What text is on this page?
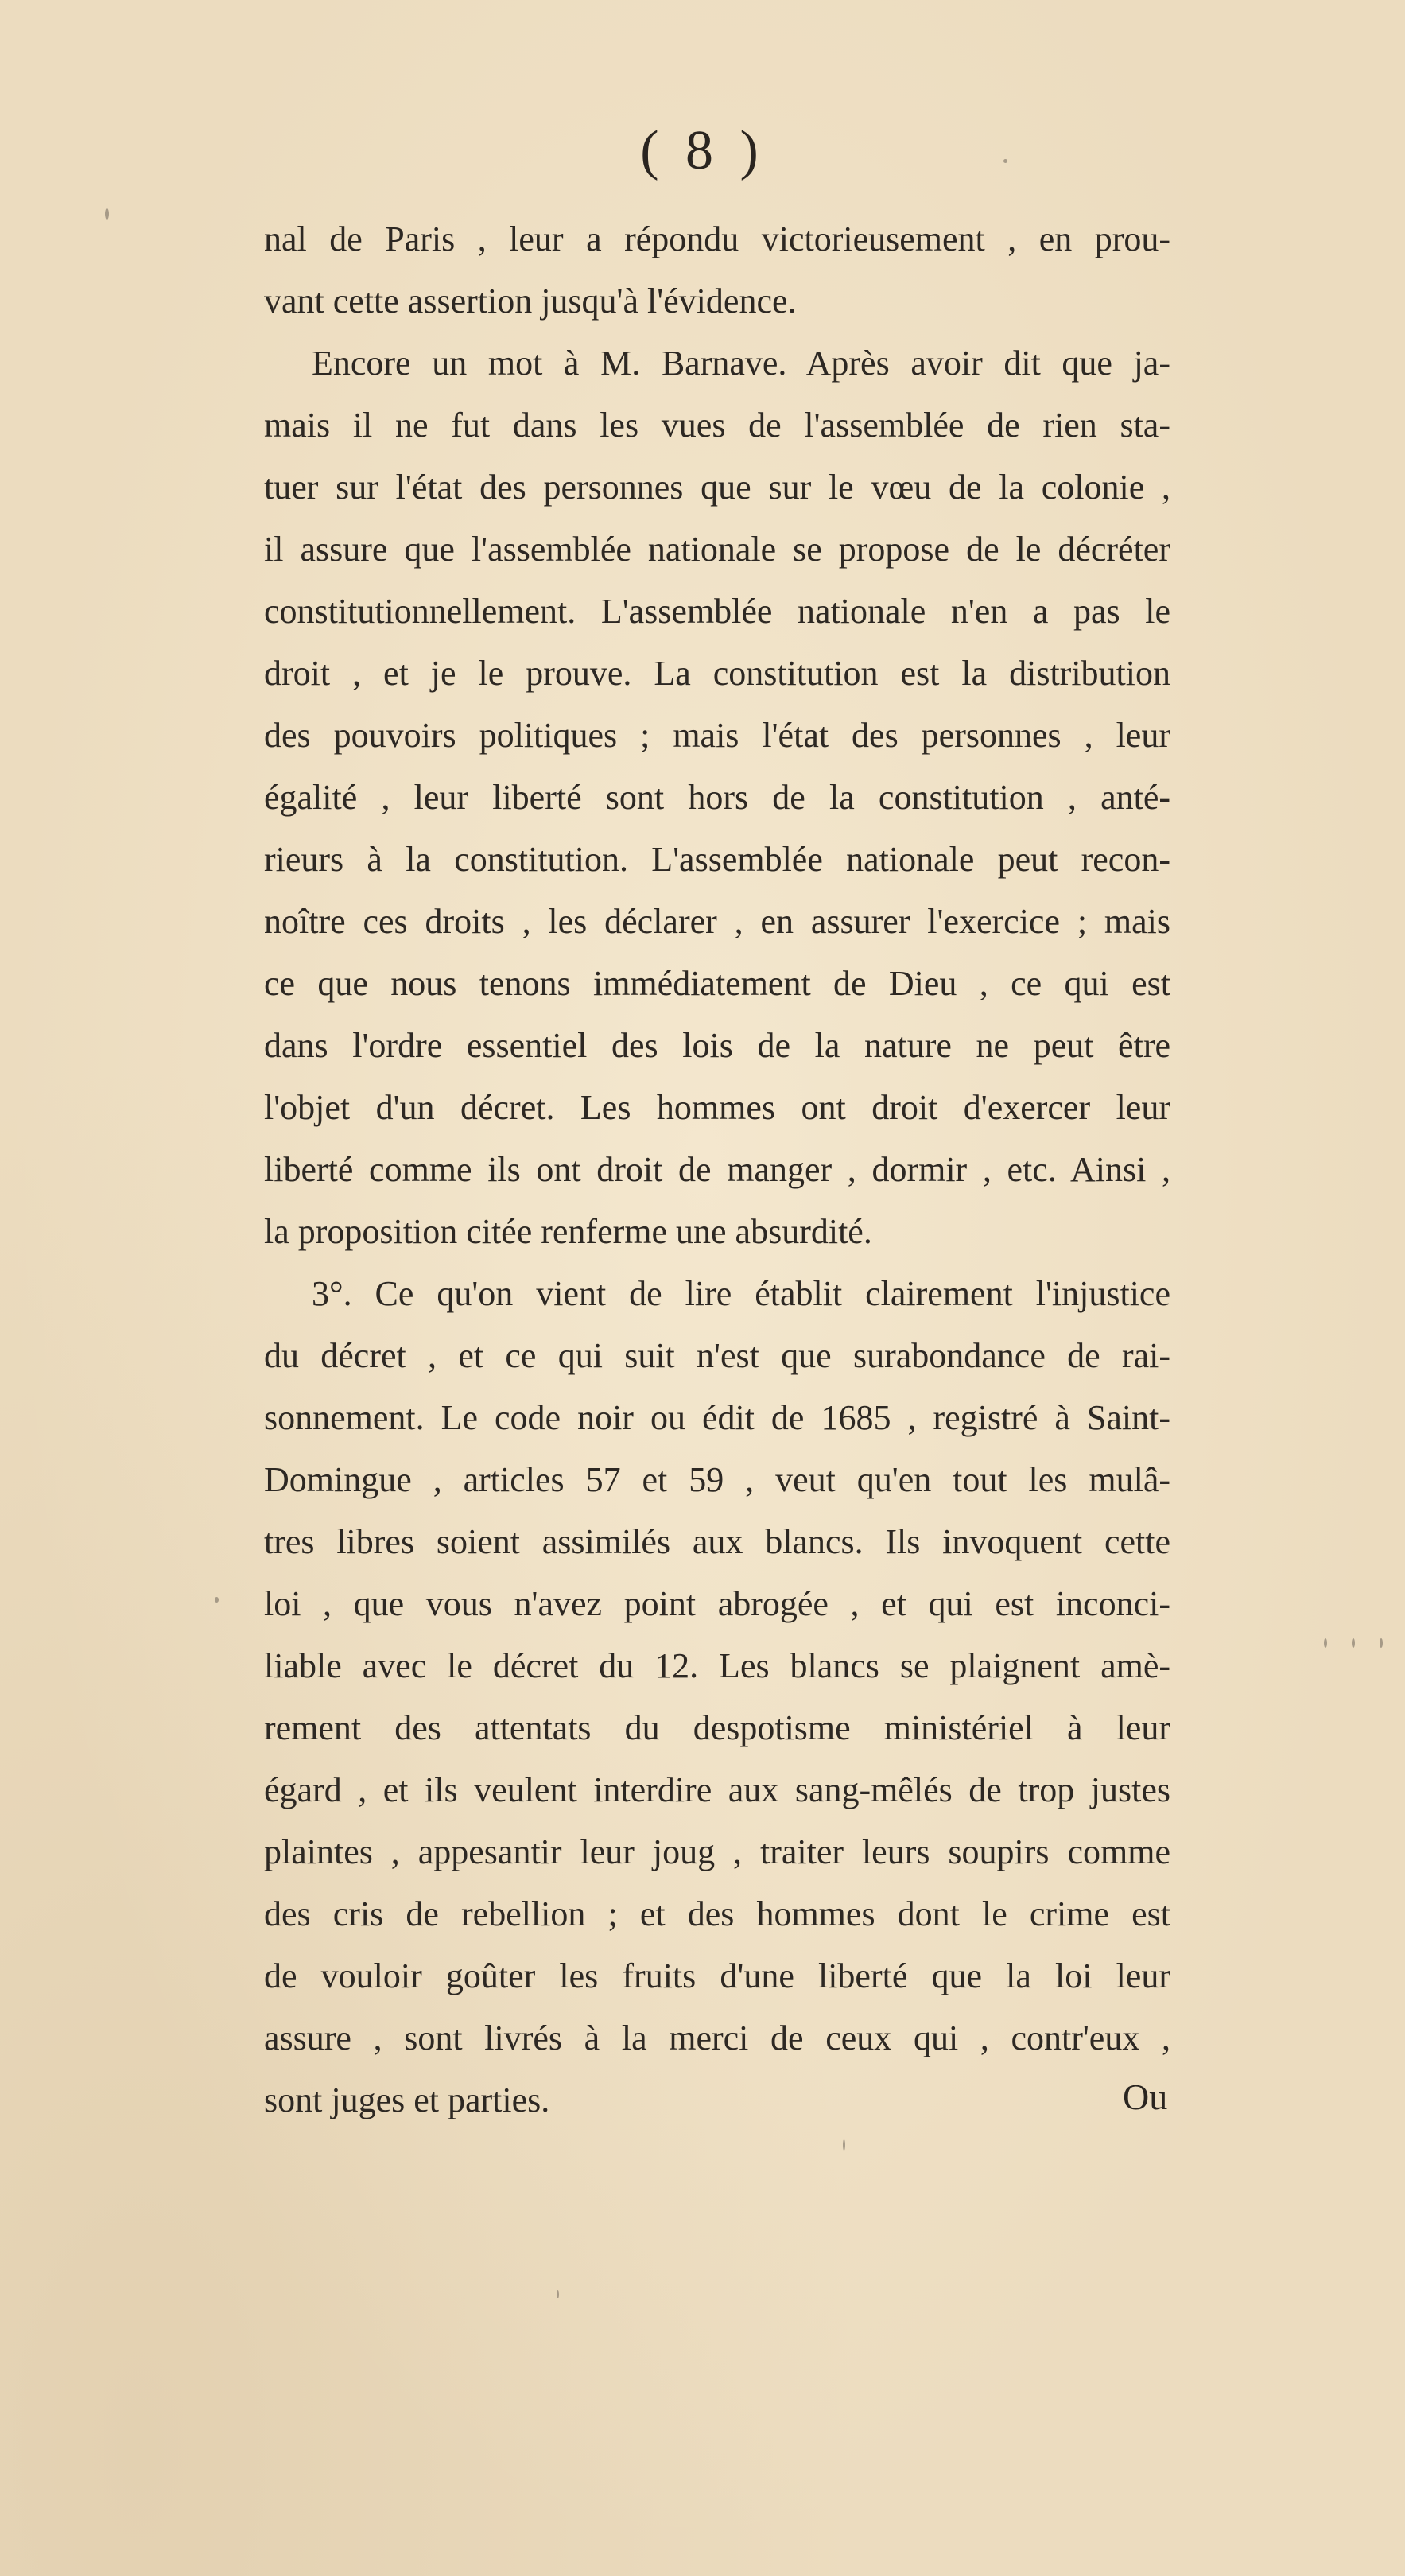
( 8 )
nal de Paris , leur a répondu victorieusement , en prou-
vant cette assertion jusqu'à l'évidence.
Encore un mot à M. Barnave. Après avoir dit que ja-
mais il ne fut dans les vues de l'assemblée de rien sta-
tuer sur l'état des personnes que sur le vœu de la colonie ,
il assure que l'assemblée nationale se propose de le décréter
constitutionnellement. L'assemblée nationale n'en a pas le
droit , et je le prouve. La constitution est la distribution
des pouvoirs politiques ; mais l'état des personnes , leur
égalité , leur liberté sont hors de la constitution , anté-
rieurs à la constitution. L'assemblée nationale peut recon-
noître ces droits , les déclarer , en assurer l'exercice ; mais
ce que nous tenons immédiatement de Dieu , ce qui est
dans l'ordre essentiel des lois de la nature ne peut être
l'objet d'un décret. Les hommes ont droit d'exercer leur
liberté comme ils ont droit de manger , dormir , etc. Ainsi ,
la proposition citée renferme une absurdité.
3°. Ce qu'on vient de lire établit clairement l'injustice
du décret , et ce qui suit n'est que surabondance de rai-
sonnement. Le code noir ou édit de 1685 , registré à Saint-
Domingue , articles 57 et 59 , veut qu'en tout les mulâ-
tres libres soient assimilés aux blancs. Ils invoquent cette
loi , que vous n'avez point abrogée , et qui est inconci-
liable avec le décret du 12. Les blancs se plaignent amè-
rement des attentats du despotisme ministériel à leur
égard , et ils veulent interdire aux sang-mêlés de trop justes
plaintes , appesantir leur joug , traiter leurs soupirs comme
des cris de rebellion ; et des hommes dont le crime est
de vouloir goûter les fruits d'une liberté que la loi leur
assure , sont livrés à la merci de ceux qui , contr'eux ,
sont juges et parties.	Ou
